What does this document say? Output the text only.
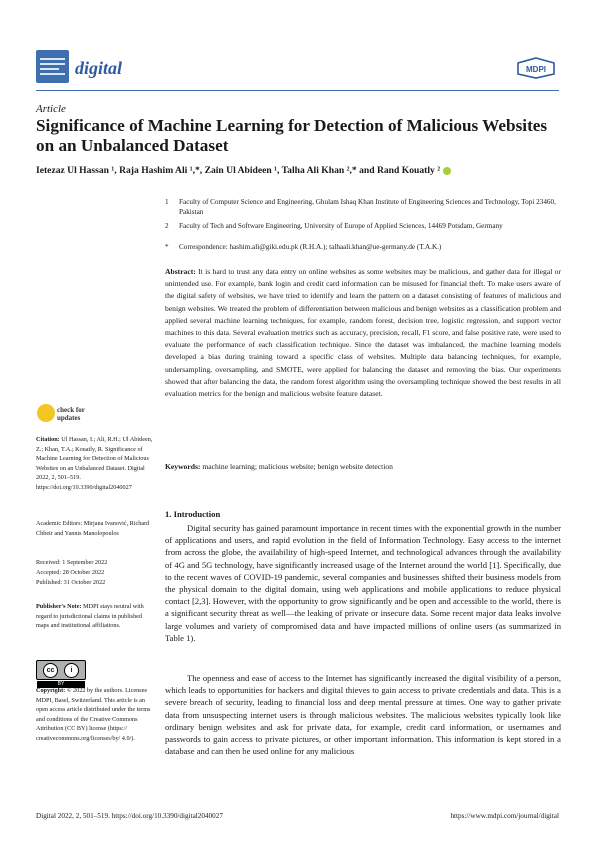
digital	MDPI
Article
Significance of Machine Learning for Detection of Malicious Websites on an Unbalanced Dataset
Ietezaz Ul Hassan ¹, Raja Hashim Ali ¹,*, Zain Ul Abideen ¹, Talha Ali Khan ²,* and Rand Kouatly ²
1 Faculty of Computer Science and Engineering, Ghulam Ishaq Khan Institute of Engineering Sciences and Technology, Topi 23460, Pakistan
2 Faculty of Tech and Software Engineering, University of Europe of Applied Sciences, 14469 Potsdam, Germany
* Correspondence: hashim.ali@giki.edu.pk (R.H.A.); talhaali.khan@ue-germany.de (T.A.K.)
Abstract: It is hard to trust any data entry on online websites as some websites may be malicious, and gather data for illegal or unintended use. For example, bank login and credit card information can be misused for financial theft. To make users aware of the digital safety of websites, we have tried to identify and learn the pattern on a dataset consisting of features of malicious and benign websites. We treated the problem of differentiation between malicious and benign websites as a classification problem and applied several machine learning techniques, for example, random forest, decision tree, logistic regression, and support vector machines to this data. Several evaluation metrics such as accuracy, precision, recall, F1 score, and false positive rate, were used to evaluate the performance of each classification technique. Since the dataset was imbalanced, the machine learning models developed a bias during training toward a specific class of websites. Multiple data balancing techniques, for example, undersampling, oversampling, and SMOTE, were applied for balancing the dataset and removing the bias. Our experiments showed that after balancing the data, the random forest algorithm using the oversampling technique showed the best results in all evaluation metrics for the benign and malicious website feature dataset.
Keywords: machine learning; malicious website; benign website detection
1. Introduction

Digital security has gained paramount importance in recent times with the exponential growth in the number of applications and users, and rapid evolution in the field of Information Technology. Easy access to the internet from across the globe, the availability of high-speed Internet, and technological advances through the availability of 4G and 5G technology, have significantly increased usage of the Internet around the world [1]. Specifically, due to the recent waves of COVID-19 pandemic, several companies and businesses shifted their business models from the physical domain to the digital domain, using web applications and mobile applications to reduce physical contact [2,3]. However, with the opportunity to grow significantly and be open and accessible to the world, there is a significant security threat as well—the leaking of private or insecure data. Some recent major data leaks involve large volumes and variety of compromised data and have impacted millions of online users (as summarized in Table 1).

The openness and ease of access to the Internet has significantly increased the digital visibility of a person, which leads to opportunities for hackers and digital thieves to gain access to private credentials and data. This is a severe breach of security, leading to financial loss and deep mental pressure at times. One way to gather private data from unsuspecting internet users is through malicious websites. The malicious websites typically look like ordinary benign websites and ask for private data, for example, credit card information, or usernames and passwords to gain access to private pictures, or other important information. This information is kept stored in a database and can then be used online for any malicious

check for updates
Citation: Ul Hassan, I.; Ali, R.H.; Ul Abideen, Z.; Khan, T.A.; Kouatly, R. Significance of Machine Learning for Detection of Malicious Websites on an Unbalanced Dataset. Digital 2022, 2, 501–519. https://doi.org/10.3390/digital2040027
Academic Editors: Mirjana Ivanović, Richard Chbeir and Yannis Manolopoulos
Received: 1 September 2022
Accepted: 28 October 2022
Published: 31 October 2022
Publisher's Note: MDPI stays neutral with regard to jurisdictional claims in published maps and institutional affiliations.
cc	i
BY
Copyright: © 2022 by the authors. Licensee MDPI, Basel, Switzerland. This article is an open access article distributed under the terms and conditions of the Creative Commons Attribution (CC BY) license (https:// creativecommons.org/licenses/by/ 4.0/).
Digital 2022, 2, 501–519. https://doi.org/10.3390/digital2040027	https://www.mdpi.com/journal/digital
